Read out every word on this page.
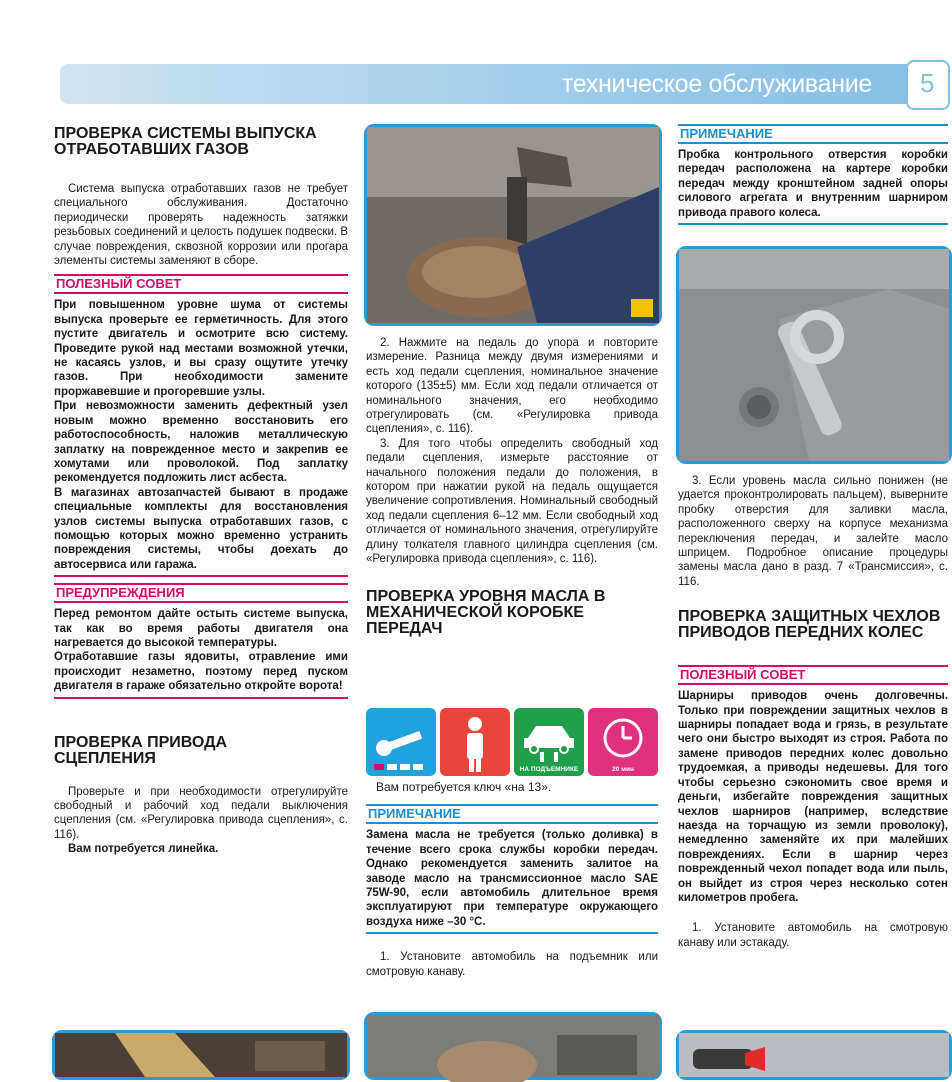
техническое обслуживание 5
ПРОВЕРКА СИСТЕМЫ ВЫПУСКА ОТРАБОТАВШИХ ГАЗОВ

Система выпуска отработавших газов не требует специального обслуживания. Достаточно периодически проверять надежность затяжки резьбовых соединений и целость подушек подвески. В случае повреждения, сквозной коррозии или прогара элементы системы заменяют в сборе.

ПОЛЕЗНЫЙ СОВЕТ

При повышенном уровне шума от системы выпуска проверьте ее герметичность. Для этого пустите двигатель и осмотрите всю систему. Проведите рукой над местами возможной утечки, не касаясь узлов, и вы сразу ощутите утечку газов. При необходимости замените проржавевшие и прогоревшие узлы.

При невозможности заменить дефектный узел новым можно временно восстановить его работоспособность, наложив металлическую заплатку на поврежденное место и закрепив ее хомутами или проволокой. Под заплатку рекомендуется подложить лист асбеста.

В магазинах автозапчастей бывают в продаже специальные комплекты для восстановления узлов системы выпуска отработавших газов, с помощью которых можно временно устранить повреждения системы, чтобы доехать до автосервиса или гаража.

ПРЕДУПРЕЖДЕНИЯ

Перед ремонтом дайте остыть системе выпуска, так как во время работы двигателя она нагревается до высокой температуры.

Отработавшие газы ядовиты, отравление ими происходит незаметно, поэтому перед пуском двигателя в гараже обязательно откройте ворота!

ПРОВЕРКА ПРИВОДА СЦЕПЛЕНИЯ

Проверьте и при необходимости отрегулируйте свободный и рабочий ход педали выключения сцепления (см. «Регулировка привода сцепления», с. 116).

Вам потребуется линейка.

2. Нажмите на педаль до упора и повторите измерение. Разница между двумя измерениями и есть ход педали сцепления, номинальное значение которого (135±5) мм. Если ход педали отличается от номинального значения, его необходимо отрегулировать (см. «Регулировка привода сцепления», с. 116).

3. Для того чтобы определить свободный ход педали сцепления, измерьте расстояние от начального положения педали до положения, в котором при нажатии рукой на педаль ощущается увеличение сопротивления. Номинальный свободный ход педали сцепления 6–12 мм. Если свободный ход отличается от номинального значения, отрегулируйте длину толкателя главного цилиндра сцепления (см. «Регулировка привода сцепления», с. 116).

ПРОВЕРКА УРОВНЯ МАСЛА В МЕХАНИЧЕСКОЙ КОРОБКЕ ПЕРЕДАЧ
НА ПОДЪЕМНИКЕ	20 мин

Вам потребуется ключ «на 13».

ПРИМЕЧАНИЕ

Замена масла не требуется (только доливка) в течение всего срока службы коробки передач. Однако рекомендуется заменить залитое на заводе масло на трансмиссионное масло SAE 75W-90, если автомобиль длительное время эксплуатируют при температуре окружающего воздуха ниже –30 °С.

1. Установите автомобиль на подъемник или смотровую канаву.

ПРИМЕЧАНИЕ

Пробка контрольного отверстия коробки передач расположена на картере коробки передач между кронштейном задней опоры силового агрегата и внутренним шарниром привода правого колеса.

3. Если уровень масла сильно понижен (не удается проконтролировать пальцем), выверните пробку отверстия для заливки масла, расположенного сверху на корпусе механизма переключения передач, и залейте масло шприцем. Подробное описание процедуры замены масла дано в разд. 7 «Трансмиссия», с. 116.

ПРОВЕРКА ЗАЩИТНЫХ ЧЕХЛОВ ПРИВОДОВ ПЕРЕДНИХ КОЛЕС
ПОЛЕЗНЫЙ СОВЕТ

Шарниры приводов очень долговечны. Только при повреждении защитных чехлов в шарниры попадает вода и грязь, в результате чего они быстро выходят из строя. Работа по замене приводов передних колес довольно трудоемкая, а приводы недешевы. Для того чтобы серьезно сэкономить свое время и деньги, избегайте повреждения защитных чехлов шарниров (например, вследствие наезда на торчащую из земли проволоку), немедленно заменяйте их при малейших повреждениях. Если в шарнир через поврежденный чехол попадет вода или пыль, он выйдет из строя через несколько сотен километров пробега.

1. Установите автомобиль на смотровую канаву или эстакаду.
